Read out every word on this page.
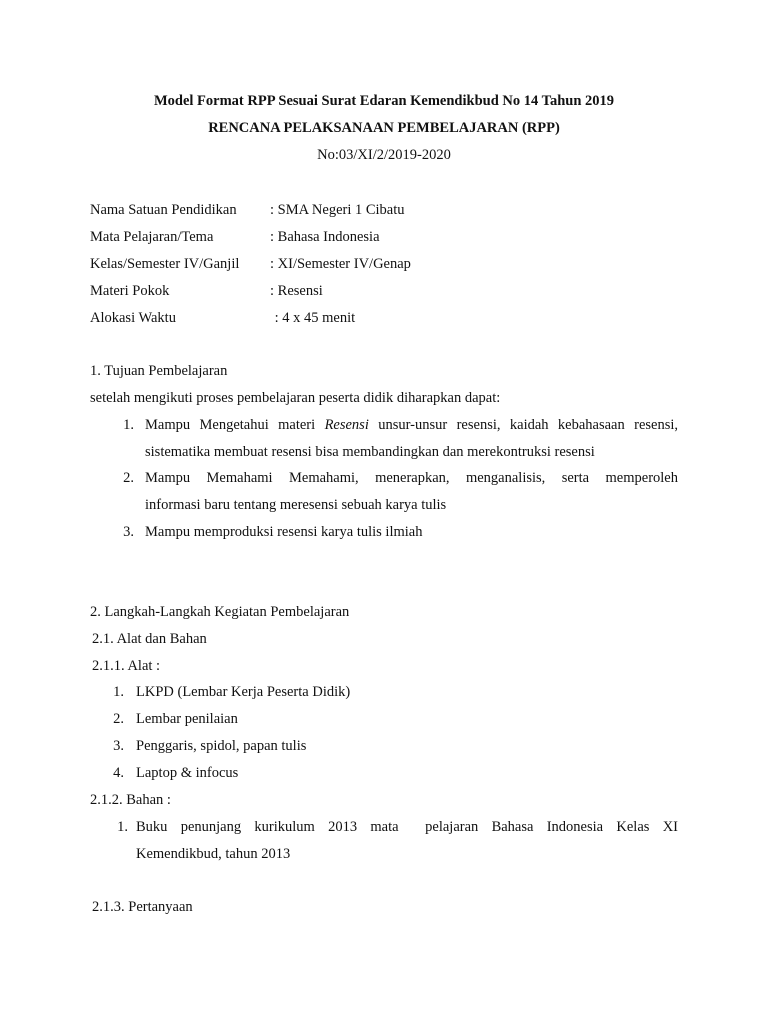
Model Format RPP Sesuai Surat Edaran Kemendikbud No 14 Tahun 2019
RENCANA PELAKSANAAN PEMBELAJARAN (RPP)
No:03/XI/2/2019-2020
Nama Satuan Pendidikan : SMA Negeri 1 Cibatu
Mata Pelajaran/Tema	: Bahasa Indonesia
Kelas/Semester IV/Ganjil : XI/Semester IV/Genap
Materi Pokok	: Resensi
Alokasi Waktu	: 4 x 45 menit
1. Tujuan Pembelajaran
setelah mengikuti proses pembelajaran peserta didik diharapkan dapat:
1. Mampu Mengetahui materi Resensi unsur-unsur resensi, kaidah kebahasaan resensi,
sistematika membuat resensi bisa membandingkan dan merekontruksi resensi
2. Mampu Memahami Memahami, menerapkan, menganalisis, serta memperoleh
informasi baru tentang meresensi sebuah karya tulis
3. Mampu memproduksi resensi karya tulis ilmiah
2. Langkah-Langkah Kegiatan Pembelajaran
2.1. Alat dan Bahan
2.1.1. Alat :
1. LKPD (Lembar Kerja Peserta Didik)
2. Lembar penilaian
3. Penggaris, spidol, papan tulis
4. Laptop & infocus
2.1.2. Bahan :
1. Buku penunjang kurikulum 2013 mata  pelajaran Bahasa Indonesia Kelas XI
Kemendikbud, tahun 2013
2.1.3. Pertanyaan
